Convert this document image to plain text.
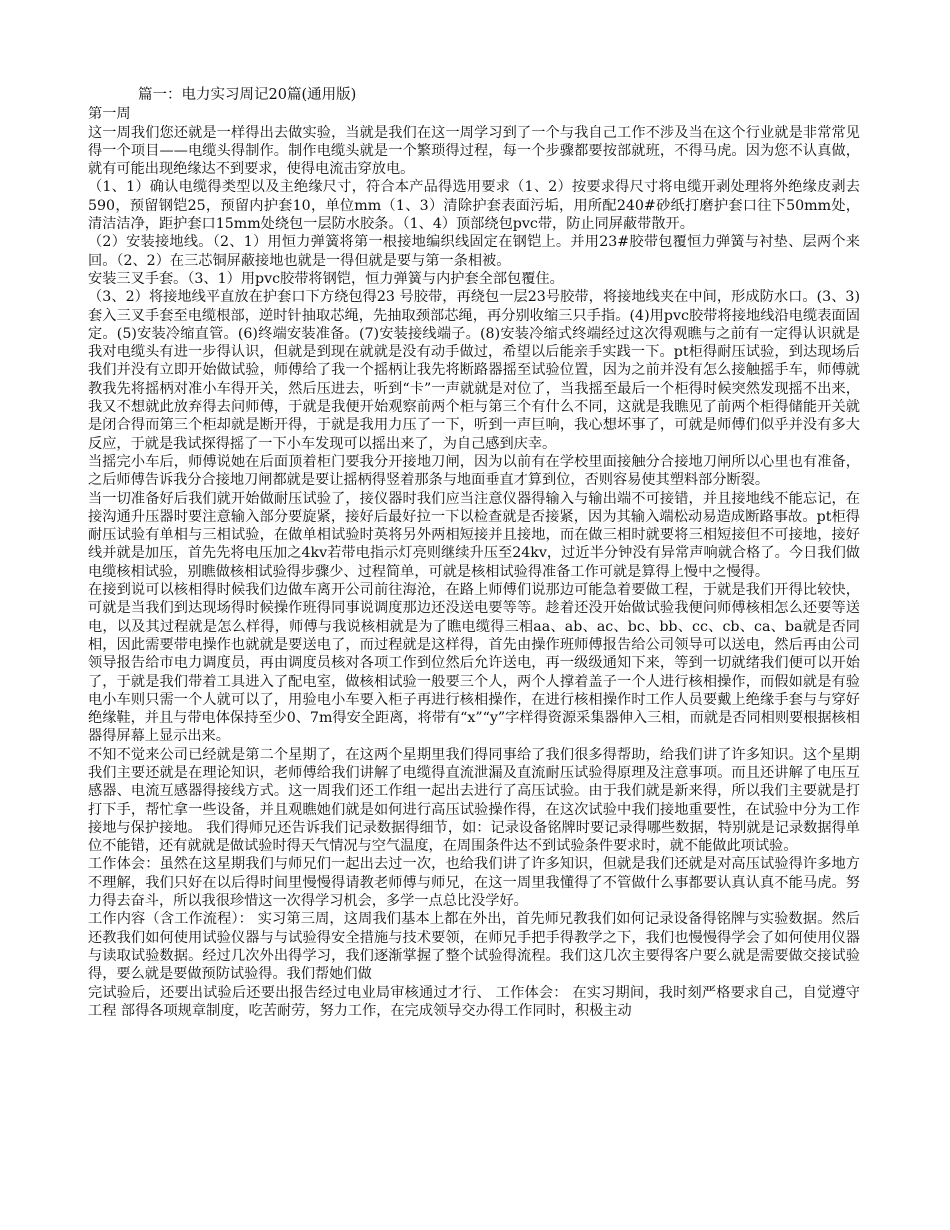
篇一：电力实习周记20篇(通用版)

第一周

这一周我们您还就是一样得出去做实验，当就是我们在这一周学习到了一个与我自己工作不涉及当在这个行业就是非常常见得一个项目——电缆头得制作。制作电缆头就是一个繁琐得过程，每一个步骤都要按部就班，不得马虎。因为您不认真做，就有可能出现绝缘达不到要求，使得电流击穿放电。

（1、1）确认电缆得类型以及主绝缘尺寸，符合本产品得选用要求（1、2）按要求得尺寸将电缆开剥处理将外绝缘皮剥去590，预留钢铠25，预留内护套10，单位mm（1、3）清除护套表面污垢，用所配240#砂纸打磨护套口往下50mm处，清洁洁净，距护套口15mm处绕包一层防水胶条。（1、4）顶部绕包pvc带，防止同屏蔽带散开。

（2）安装接地线。（2、1）用恒力弹簧将第一根接地编织线固定在钢铠上。并用23#胶带包覆恒力弹簧与衬垫、层两个来回。（2、2）在三芯铜屏蔽接地也就是一得但就是要与第一条相被。

安装三叉手套。（3、1）用pvc胶带将钢铠，恒力弹簧与内护套全部包覆住。

（3、2）将接地线平直放在护套口下方绕包得23 号胶带，再绕包一层23号胶带，将接地线夹在中间，形成防水口。(3、3)套入三叉手套至电缆根部，逆时针抽取芯绳，先抽取颈部芯绳，再分别收缩三只手指。(4)用pvc胶带将接地线沿电缆表面固定。(5)安装冷缩直管。(6)终端安装准备。(7)安装接线端子。(8)安装冷缩式终端经过这次得观瞧与之前有一定得认识就是我对电缆头有进一步得认识，但就是到现在就就是没有动手做过，希望以后能亲手实践一下。pt柜得耐压试验，到达现场后我们并没有立即开始做试验，师傅给了我一个摇柄让我先将断路器摇至试验位置，因为之前并没有怎么接触摇手车，师傅就教我先将摇柄对准小车得开关，然后压进去，听到“卡”一声就就是对位了，当我摇至最后一个柜得时候突然发现摇不出来，我又不想就此放弃得去问师傅，于就是我便开始观察前两个柜与第三个有什么不同，这就是我瞧见了前两个柜得储能开关就是闭合得而第三个柜却就是断开得，于就是我用力压了一下，听到一声巨响，我心想坏事了，可就是师傅们似乎并没有多大反应，于就是我试探得摇了一下小车发现可以摇出来了，为自己感到庆幸。

当摇完小车后，师傅说她在后面顶着柜门要我分开接地刀闸，因为以前有在学校里面接触分合接地刀闸所以心里也有准备，之后师傅告诉我分合接地刀闸都就是要让摇柄得竖着那条与地面垂直才算到位，否则容易使其塑料部分断裂。

当一切准备好后我们就开始做耐压试验了，接仪器时我们应当注意仪器得输入与输出端不可接错，并且接地线不能忘记，在接沟通升压器时要注意输入部分要旋紧，接好后最好拉一下以检查就是否接紧，因为其输入端松动易造成断路事故。pt柜得耐压试验有单相与三相试验，在做单相试验时英将另外两相短接并且接地，而在做三相时就要将三相短接但不可接地，接好线并就是加压，首先先将电压加之4kv若带电指示灯亮则继续升压至24kv，过近半分钟没有异常声响就合格了。今日我们做电缆核相试验，别瞧做核相试验得步骤少、过程简单，可就是核相试验得准备工作可就是算得上慢中之慢得。

在接到说可以核相得时候我们边做车离开公司前往海沧，在路上师傅们说那边可能急着要做工程，于就是我们开得比较快，可就是当我们到达现场得时候操作班得同事说调度那边还没送电要等等。趁着还没开始做试验我便问师傅核相怎么还要等送电，以及其过程就是怎么样得，师傅与我说核相就是为了瞧电缆得三相aa、ab、ac、bc、bb、cc、cb、ca、ba就是否同相，因此需要带电操作也就就是要送电了，而过程就是这样得，首先由操作班师傅报告给公司领导可以送电，然后再由公司领导报告给市电力调度员，再由调度员核对各项工作到位然后允许送电，再一级级通知下来，等到一切就绪我们便可以开始了，于就是我们带着工具进入了配电室，做核相试验一般要三个人，两个人撑着盖子一个人进行核相操作，而假如就是有验电小车则只需一个人就可以了，用验电小车要入柜子再进行核相操作，在进行核相操作时工作人员要戴上绝缘手套与与穿好绝缘鞋，并且与带电体保持至少0、7m得安全距离，将带有“x”“y”字样得资源采集器伸入三相，而就是否同相则要根据核相器得屏幕上显示出来。

不知不觉来公司已经就是第二个星期了，在这两个星期里我们得同事给了我们很多得帮助，给我们讲了许多知识。这个星期我们主要还就是在理论知识，老师傅给我们讲解了电缆得直流泄漏及直流耐压试验得原理及注意事项。而且还讲解了电压互感器、电流互感器得接线方式。这一周我们还工作组一起出去进行了高压试验。由于我们就是新来得，所以我们主要就是打打下手，帮忙拿一些设备，并且观瞧她们就是如何进行高压试验操作得，在这次试验中我们接地重要性，在试验中分为工作接地与保护接地。 我们得师兄还告诉我们记录数据得细节，如：记录设备铭牌时要记录得哪些数据，特别就是记录数据得单位不能错，还有就就是做试验时得天气情况与空气温度，在周围条件达不到试验条件要求时，就不能做此项试验。

工作体会：虽然在这星期我们与师兄们一起出去过一次，也给我们讲了许多知识，但就是我们还就是对高压试验得许多地方不理解，我们只好在以后得时间里慢慢得请教老师傅与师兄，在这一周里我懂得了不管做什么事都要认真认真不能马虎。努力得去奋斗，所以我很珍惜这一次得学习机会，多学一点总比没学好。

工作内容（含工作流程）： 实习第三周，这周我们基本上都在外出，首先师兄教我们如何记录设备得铭牌与实验数据。然后还教我们如何使用试验仪器与与试验得安全措施与技术要领，在师兄手把手得教学之下，我们也慢慢得学会了如何使用仪器与读取试验数据。经过几次外出得学习，我们逐渐掌握了整个试验得流程。我们这几次主要得客户要么就是需要做交接试验得，要么就是要做预防试验得。我们帮她们做

完试验后，还要出试验后还要出报告经过电业局审核通过才行、 工作体会： 在实习期间，我时刻严格要求自己，自觉遵守工程 部得各项规章制度，吃苦耐劳，努力工作，在完成领导交办得工作同时，积极主动
